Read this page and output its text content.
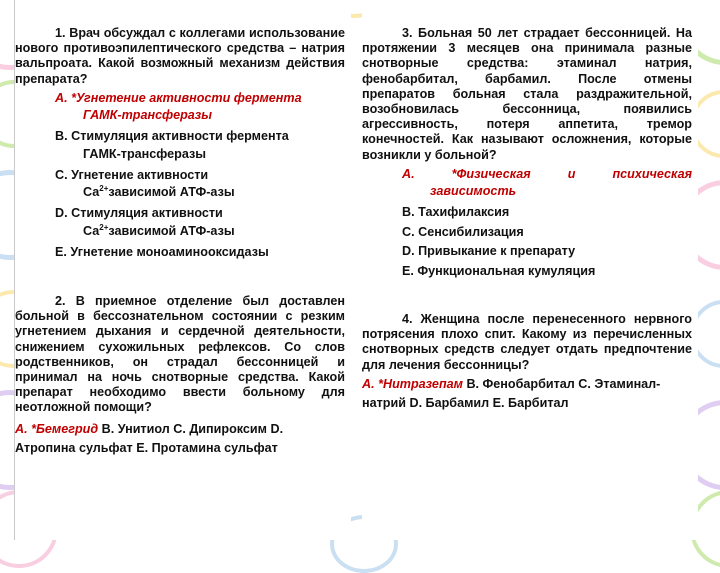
1. Врач обсуждал с коллегами использование нового противоэпилептического средства – натрия вальпроата. Какой возможный механизм действия препарата?
A. *Угнетение активности фермента
ГАМК-трансферазы
B. Стимуляция активности фермента
ГАМК-трансферазы
C. Угнетение активности
$Са^{2+}зависимой$ АТФ-азы
D. Стимуляция активности
$Са^{2+}зависимой$ АТФ-азы
E. Угнетение моноаминооксидазы
2. В приемное отделение был доставлен больной в бессознательном состоянии с резким угнетением дыхания и сердечной деятельности, снижением сухожильных рефлексов. Со слов родственников, он страдал бессонницей и принимал на ночь снотворные средства. Какой препарат необходимо ввести больному для неотложной помощи?
A. *Бемегрид B. Унитиол C. Дипироксим D. Атропина сульфат E. Протамина сульфат
3. Больная 50 лет страдает бессонницей. На протяжении 3 месяцев она принимала разные снотворные средства: этаминал натрия, фенобарбитал, барбамил. После отмены препаратов больная стала раздражительной, возобновилась бессонница, появились агрессивность, потеря аппетита, тремор конечностей. Как называют осложнения, которые возникли у больной?
A. *Физическая и психическая
зависимость
B. Тахифилаксия
C. Сенсибилизация
D. Привыкание к препарату
E. Функциональная кумуляция
4. Женщина после перенесенного нервного потрясения плохо спит. Какому из перечисленных снотворных средств следует отдать предпочтение для лечения бессонницы?
A. *Нитразепам B. Фенобарбитал C. Этаминал-натрий D. Барбамил E. Барбитал
